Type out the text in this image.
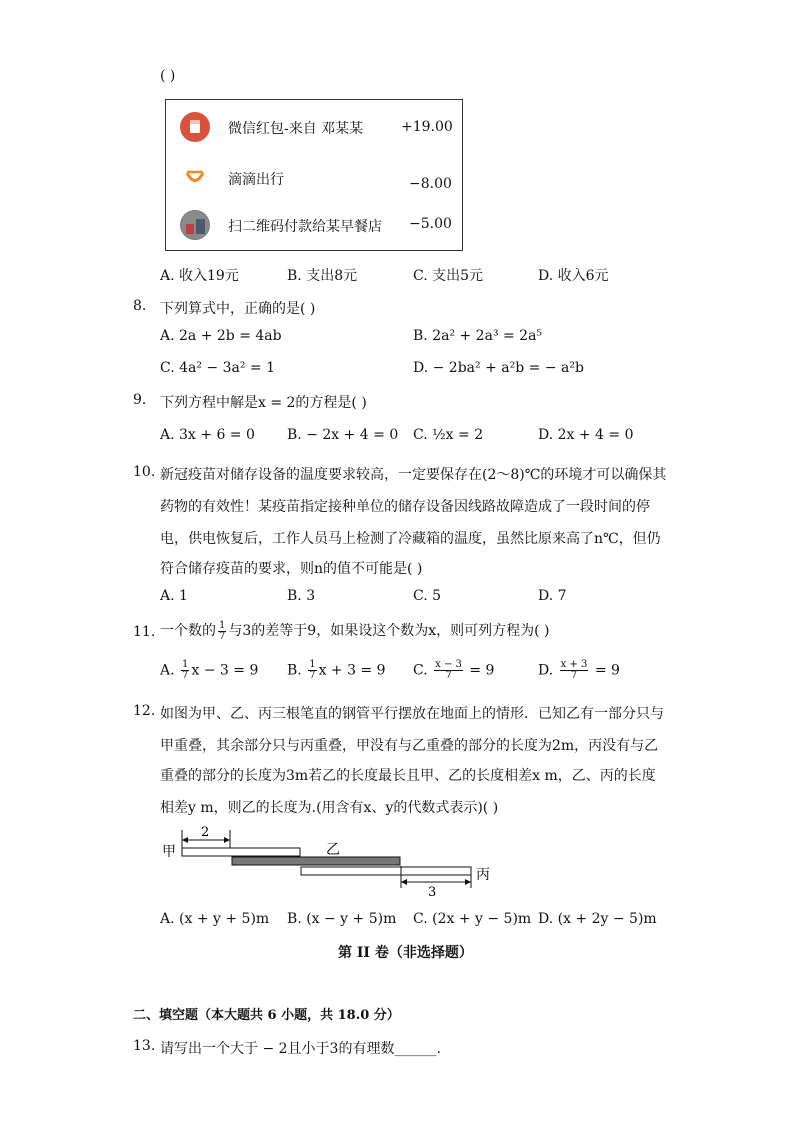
( )
微信红包-来自 邓某某	+19.00
滴滴出行	−8.00
扫二维码付款给某早餐店 −5.00
A. 收入19元	B. 支出8元	C. 支出5元	D. 收入6元
8. 下列算式中，正确的是( )
A. 2a + 2b = 4ab	B. 2a² + 2a³ = 2a⁵
C. 4a² − 3a² = 1	D. − 2ba² + a²b = − a²b
9. 下列方程中解是x = 2的方程是( )
A. 3x + 6 = 0 B. − 2x + 4 = 0 C. ½x = 2	D. 2x + 4 = 0
10. 新冠疫苗对储存设备的温度要求较高，一定要保存在(2～8)℃的环境才可以确保其
药物的有效性！某疫苗指定接种单位的储存设备因线路故障造成了一段时间的停
电，供电恢复后，工作人员马上检测了冷藏箱的温度，虽然比原来高了n℃，但仍
符合储存疫苗的要求，则n的值不可能是( )
A. 1	B. 3	C. 5	D. 7
11. 一个数的 $\frac{1}{7}$ 与3的差等于9，如果设这个数为x，则可列方程为( )
A. $\frac{1}{7}$ x − 3 = 9 B. $\frac{1}{7}$ x + 3 = 9 C. $\frac{x - 3}{7} = 9$	D. $\frac{x + 3}{7} = 9$
12. 如图为甲、乙、丙三根笔直的钢管平行摆放在地面上的情形．已知乙有一部分只与
甲重叠，其余部分只与丙重叠，甲没有与乙重叠的部分的长度为2m，丙没有与乙
重叠的部分的长度为3m若乙的长度最长且甲、乙的长度相差x m，乙、丙的长度
相差y m，则乙的长度为.(用含有x、y的代数式表示)( )
2
甲	乙
丙
3
A. (x + y + 5)m B. (x − y + 5)m C. (2x + y − 5)m D. (x + 2y − 5)m
第 II 卷（非选择题）
二、填空题（本大题共 6 小题，共 18.0 分）
13. 请写出一个大于 − 2且小于3的有理数______.
